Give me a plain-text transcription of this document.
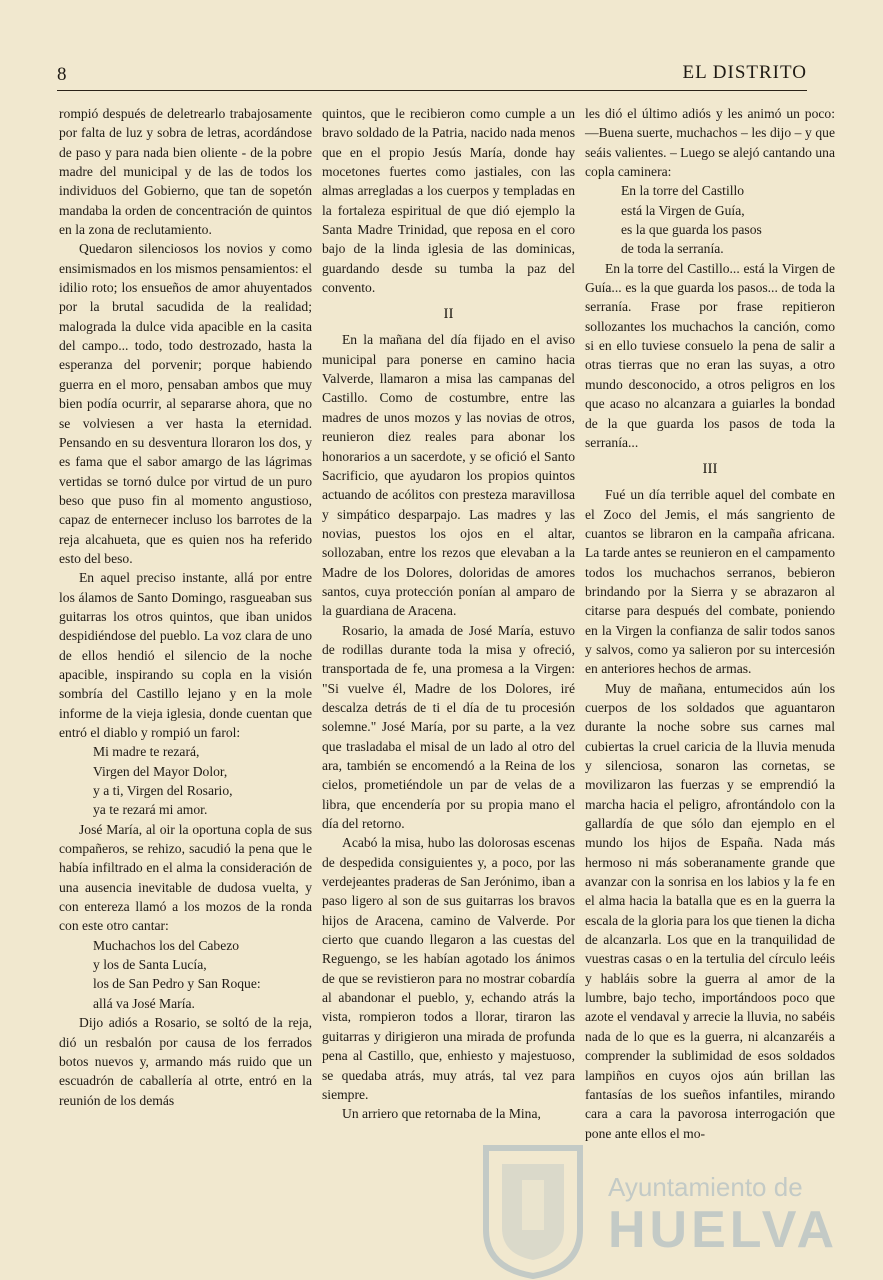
8	EL DISTRITO

rompió después de deletrearlo trabajosamente por falta de luz y sobra de letras, acordándose de paso y para nada bien oliente - de la pobre madre del municipal y de las de todos los individuos del Gobierno, que tan de sopetón mandaba la orden de concentración de quintos en la zona de reclutamiento.

Quedaron silenciosos los novios y como ensimismados en los mismos pensamientos: el idilio roto; los ensueños de amor ahuyentados por la brutal sacudida de la realidad; malograda la dulce vida apacible en la casita del campo... todo, todo destrozado, hasta la esperanza del porvenir; porque habiendo guerra en el moro, pensaban ambos que muy bien podía ocurrir, al separarse ahora, que no se volviesen a ver hasta la eternidad. Pensando en su desventura lloraron los dos, y es fama que el sabor amargo de las lágrimas vertidas se tornó dulce por virtud de un puro beso que puso fin al momento angustioso, capaz de enternecer incluso los barrotes de la reja alcahueta, que es quien nos ha referido esto del beso.

En aquel preciso instante, allá por entre los álamos de Santo Domingo, rasgueaban sus guitarras los otros quintos, que iban unidos despidiéndose del pueblo. La voz clara de uno de ellos hendió el silencio de la noche apacible, inspirando su copla en la visión sombría del Castillo lejano y en la mole informe de la vieja iglesia, donde cuentan que entró el diablo y rompió un farol:

Mi madre te rezará,

Virgen del Mayor Dolor,

y a ti, Virgen del Rosario,

ya te rezará mi amor.

José María, al oir la oportuna copla de sus compañeros, se rehizo, sacudió la pena que le había infiltrado en el alma la consideración de una ausencia inevitable de dudosa vuelta, y con entereza llamó a los mozos de la ronda con este otro cantar:

Muchachos los del Cabezo

y los de Santa Lucía,

los de San Pedro y San Roque:

allá va José María.

Dijo adiós a Rosario, se soltó de la reja, dió un resbalón por causa de los ferrados botos nuevos y, armando más ruido que un escuadrón de caballería al otrte, entró en la reunión de los demás

quintos, que le recibieron como cumple a un bravo soldado de la Patria, nacido nada menos que en el propio Jesús María, donde hay mocetones fuertes como jastiales, con las almas arregladas a los cuerpos y templadas en la fortaleza espiritual de que dió ejemplo la Santa Madre Trinidad, que reposa en el coro bajo de la linda iglesia de las dominicas, guardando desde su tumba la paz del convento.

II

En la mañana del día fijado en el aviso municipal para ponerse en camino hacia Valverde, llamaron a misa las campanas del Castillo. Como de costumbre, entre las madres de unos mozos y las novias de otros, reunieron diez reales para abonar los honorarios a un sacerdote, y se ofició el Santo Sacrificio, que ayudaron los propios quintos actuando de acólitos con presteza maravillosa y simpático desparpajo. Las madres y las novias, puestos los ojos en el altar, sollozaban, entre los rezos que elevaban a la Madre de los Dolores, doloridas de amores santos, cuya protección ponían al amparo de la guardiana de Aracena.

Rosario, la amada de José María, estuvo de rodillas durante toda la misa y ofreció, transportada de fe, una promesa a la Virgen: "Si vuelve él, Madre de los Dolores, iré descalza detrás de ti el día de tu procesión solemne." José María, por su parte, a la vez que trasladaba el misal de un lado al otro del ara, también se encomendó a la Reina de los cielos, prometiéndole un par de velas de a libra, que encendería por su propia mano el día del retorno.

Acabó la misa, hubo las dolorosas escenas de despedida consiguientes y, a poco, por las verdejeantes praderas de San Jerónimo, iban a paso ligero al son de sus guitarras los bravos hijos de Aracena, camino de Valverde. Por cierto que cuando llegaron a las cuestas del Reguengo, se les habían agotado los ánimos de que se revistieron para no mostrar cobardía al abandonar el pueblo, y, echando atrás la vista, rompieron todos a llorar, tiraron las guitarras y dirigieron una mirada de profunda pena al Castillo, que, enhiesto y majestuoso, se quedaba atrás, muy atrás, tal vez para siempre.

Un arriero que retornaba de la Mina,

les dió el último adiós y les animó un poco:—Buena suerte, muchachos – les dijo – y que seáis valientes. – Luego se alejó cantando una copla caminera:

En la torre del Castillo

está la Virgen de Guía,

es la que guarda los pasos

de toda la serranía.

En la torre del Castillo... está la Virgen de Guía... es la que guarda los pasos... de toda la serranía. Frase por frase repitieron sollozantes los muchachos la canción, como si en ello tuviese consuelo la pena de salir a otras tierras que no eran las suyas, a otro mundo desconocido, a otros peligros en los que acaso no alcanzara a guiarles la bondad de la que guarda los pasos de toda la serranía...

III

Fué un día terrible aquel del combate en el Zoco del Jemis, el más sangriento de cuantos se libraron en la campaña africana. La tarde antes se reunieron en el campamento todos los muchachos serranos, bebieron brindando por la Sierra y se abrazaron al citarse para después del combate, poniendo en la Virgen la confianza de salir todos sanos y salvos, como ya salieron por su intercesión en anteriores hechos de armas.

Muy de mañana, entumecidos aún los cuerpos de los soldados que aguantaron durante la noche sobre sus carnes mal cubiertas la cruel caricia de la lluvia menuda y silenciosa, sonaron las cornetas, se movilizaron las fuerzas y se emprendió la marcha hacia el peligro, afrontándolo con la gallardía de que sólo dan ejemplo en el mundo los hijos de España. Nada más hermoso ni más soberanamente grande que avanzar con la sonrisa en los labios y la fe en el alma hacia la batalla que es en la guerra la escala de la gloria para los que tienen la dicha de alcanzarla. Los que en la tranquilidad de vuestras casas o en la tertulia del círculo leéis y habláis sobre la guerra al amor de la lumbre, bajo techo, importándoos poco que azote el vendaval y arrecie la lluvia, no sabéis nada de lo que es la guerra, ni alcanzaréis a comprender la sublimidad de esos soldados lampiños en cuyos ojos aún brillan las fantasías de los sueños infantiles, mirando cara a cara la pavorosa interrogación que pone ante ellos el mo-

Ayuntamiento de
HUELVA
